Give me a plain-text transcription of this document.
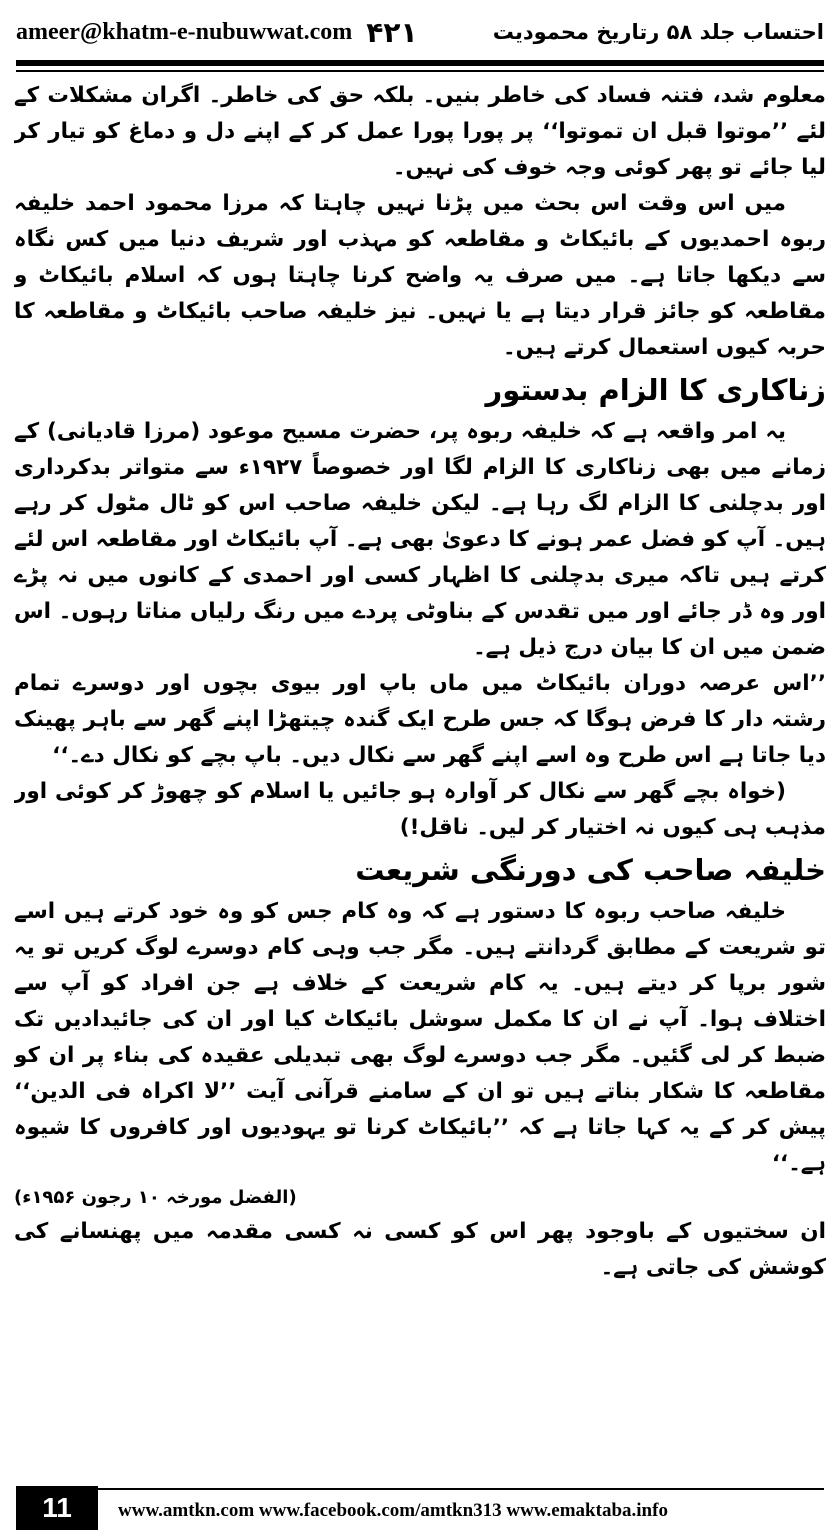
ameer@khatm-e-nubuwwat.com ۴۲۱	احتساب جلد ۵۸ رتاریخ محمودیت

معلوم شد، فتنہ فساد کی خاطر بنیں۔ بلکہ حق کی خاطر۔ اگران مشکلات کے لئے ’’موتوا قبل ان تموتوا‘‘ پر پورا پورا عمل کر کے اپنے دل و دماغ کو تیار کر لیا جائے تو پھر کوئی وجہ خوف کی نہیں۔

میں اس وقت اس بحث میں پڑنا نہیں چاہتا کہ مرزا محمود احمد خلیفہ ربوہ احمدیوں کے بائیکاٹ و مقاطعہ کو مہذب اور شریف دنیا میں کس نگاہ سے دیکھا جاتا ہے۔ میں صرف یہ واضح کرنا چاہتا ہوں کہ اسلام بائیکاٹ و مقاطعہ کو جائز قرار دیتا ہے یا نہیں۔ نیز خلیفہ صاحب بائیکاٹ و مقاطعہ کا حربہ کیوں استعمال کرتے ہیں۔

زناکاری کا الزام بدستور

یہ امر واقعہ ہے کہ خلیفہ ربوہ پر، حضرت مسیح موعود (مرزا قادیانی) کے زمانے میں بھی زناکاری کا الزام لگا اور خصوصاً ۱۹۲۷ء سے متواتر بدکرداری اور بدچلنی کا الزام لگ رہا ہے۔ لیکن خلیفہ صاحب اس کو ٹال مٹول کر رہے ہیں۔ آپ کو فضل عمر ہونے کا دعویٰ بھی ہے۔ آپ بائیکاٹ اور مقاطعہ اس لئے کرتے ہیں تاکہ میری بدچلنی کا اظہار کسی اور احمدی کے کانوں میں نہ پڑے اور وہ ڈر جائے اور میں تقدس کے بناوٹی پردے میں رنگ رلیاں مناتا رہوں۔ اس ضمن میں ان کا بیان درج ذیل ہے۔

’’اس عرصہ دوران بائیکاٹ میں ماں باپ اور بیوی بچوں اور دوسرے تمام رشتہ دار کا فرض ہوگا کہ جس طرح ایک گندہ چیتھڑا اپنے گھر سے باہر پھینک دیا جاتا ہے اس طرح وہ اسے اپنے گھر سے نکال دیں۔ باپ بچے کو نکال دے۔‘‘

(خواہ بچے گھر سے نکال کر آوارہ ہو جائیں یا اسلام کو چھوڑ کر کوئی اور مذہب ہی کیوں نہ اختیار کر لیں۔ ناقل!)

خلیفہ صاحب کی دورنگی شریعت

خلیفہ صاحب ربوہ کا دستور ہے کہ وہ کام جس کو وہ خود کرتے ہیں اسے تو شریعت کے مطابق گردانتے ہیں۔ مگر جب وہی کام دوسرے لوگ کریں تو یہ شور برپا کر دیتے ہیں۔ یہ کام شریعت کے خلاف ہے جن افراد کو آپ سے اختلاف ہوا۔ آپ نے ان کا مکمل سوشل بائیکاٹ کیا اور ان کی جائیدادیں تک ضبط کر لی گئیں۔ مگر جب دوسرے لوگ بھی تبدیلی عقیدہ کی بناء پر ان کو مقاطعہ کا شکار بناتے ہیں تو ان کے سامنے قرآنی آیت ’’لا اکراہ فی الدین‘‘ پیش کر کے یہ کہا جاتا ہے کہ ’’بائیکاٹ کرنا تو یہودیوں اور کافروں کا شیوہ ہے۔‘‘

(الفضل مورخہ ۱۰ رجون ۱۹۵۶ء)

ان سختیوں کے باوجود پھر اس کو کسی نہ کسی مقدمہ میں پھنسانے کی کوشش کی جاتی ہے۔

11	www.amtkn.com www.facebook.com/amtkn313 www.emaktaba.info
